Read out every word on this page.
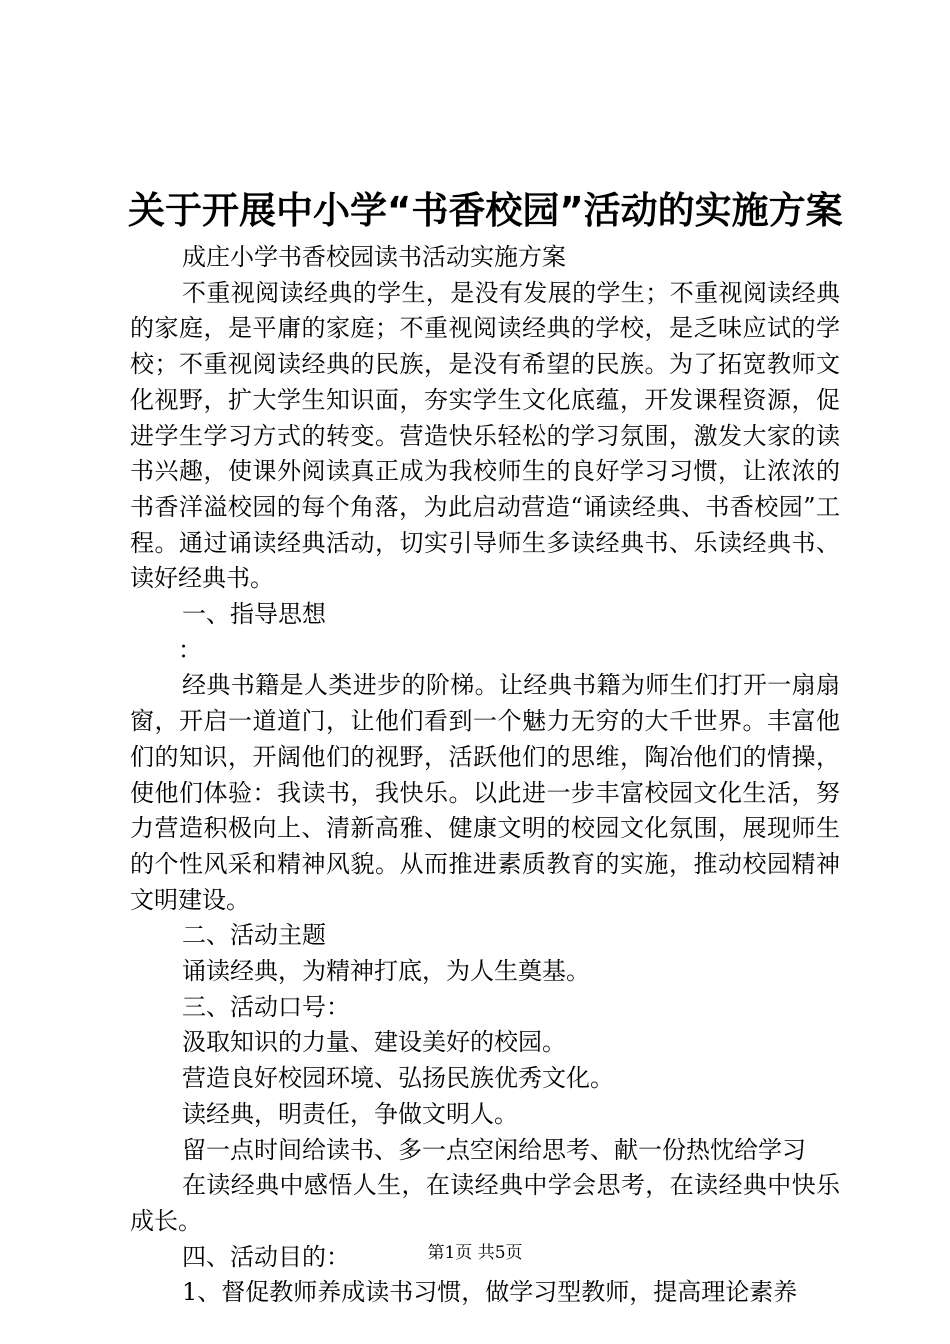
关于开展中小学“书香校园”活动的实施方案

成庄小学书香校园读书活动实施方案

不重视阅读经典的学生，是没有发展的学生；不重视阅读经典的家庭，是平庸的家庭；不重视阅读经典的学校，是乏味应试的学校；不重视阅读经典的民族，是没有希望的民族。为了拓宽教师文化视野，扩大学生知识面，夯实学生文化底蕴，开发课程资源，促进学生学习方式的转变。营造快乐轻松的学习氛围，激发大家的读书兴趣，使课外阅读真正成为我校师生的良好学习习惯，让浓浓的书香洋溢校园的每个角落，为此启动营造“诵读经典、书香校园”工程。通过诵读经典活动，切实引导师生多读经典书、乐读经典书、读好经典书。

一、指导思想

：

经典书籍是人类进步的阶梯。让经典书籍为师生们打开一扇扇窗，开启一道道门，让他们看到一个魅力无穷的大千世界。丰富他们的知识，开阔他们的视野，活跃他们的思维，陶冶他们的情操，使他们体验：我读书，我快乐。以此进一步丰富校园文化生活，努力营造积极向上、清新高雅、健康文明的校园文化氛围，展现师生的个性风采和精神风貌。从而推进素质教育的实施，推动校园精神文明建设。

二、活动主题

诵读经典，为精神打底，为人生奠基。

三、活动口号：

汲取知识的力量、建设美好的校园。

营造良好校园环境、弘扬民族优秀文化。

读经典，明责任，争做文明人。

留一点时间给读书、多一点空闲给思考、献一份热忱给学习

在读经典中感悟人生，在读经典中学会思考，在读经典中快乐成长。

四、活动目的：

1、督促教师养成读书习惯，做学习型教师，提高理论素养

第1页 共5页
